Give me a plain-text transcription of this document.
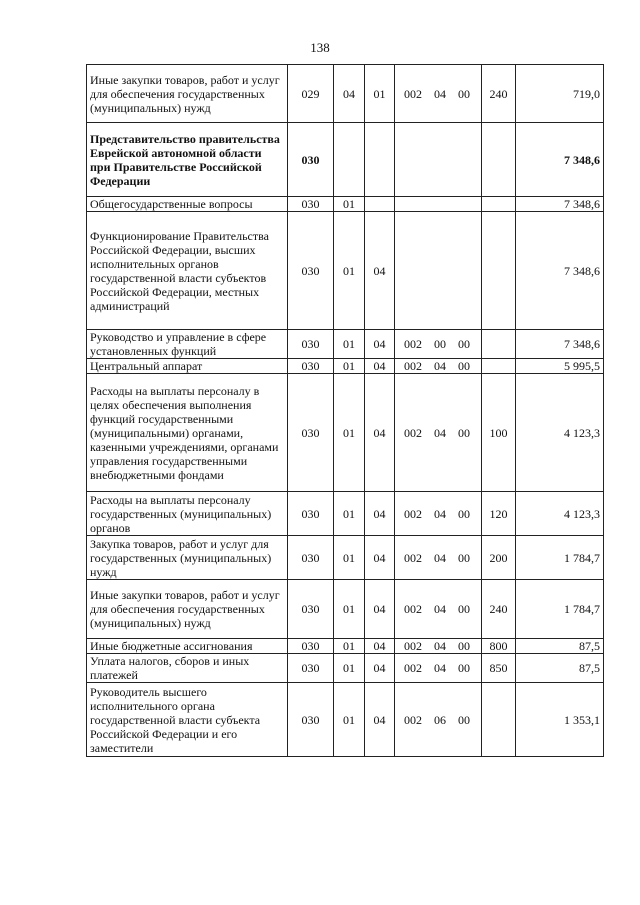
138
Иные закупки товаров, работ и услуг для обеспечения государственных (муниципальных) нужд	029	04	01	002 04 00	240	719,0
Представительство правительства Еврейской автономной области при Правительстве Российской Федерации	030					7 348,6
Общегосударственные вопросы	030	01				7 348,6
Функционирование Правительства Российской Федерации, высших исполнительных органов государственной власти субъектов Российской Федерации, местных администраций	030	01	04			7 348,6
Руководство и управление в сфере установленных функций	030	01	04	002 00 00		7 348,6
Центральный аппарат	030	01	04	002 04 00		5 995,5
Расходы на выплаты персоналу в целях обеспечения выполнения функций государственными (муниципальными) органами, казенными учреждениями, органами управления государственными внебюджетными фондами	030	01	04	002 04 00	100	4 123,3
Расходы на выплаты персоналу государственных (муниципальных) органов	030	01	04	002 04 00	120	4 123,3
Закупка товаров, работ и услуг для государственных (муниципальных) нужд	030	01	04	002 04 00	200	1 784,7
Иные закупки товаров, работ и услуг для обеспечения государственных (муниципальных) нужд	030	01	04	002 04 00	240	1 784,7
Иные бюджетные ассигнования	030	01	04	002 04 00	800	87,5
Уплата налогов, сборов и иных платежей	030	01	04	002 04 00	850	87,5
Руководитель высшего исполнительного органа государственной власти субъекта Российской Федерации и его заместители	030	01	04	002 06 00		1 353,1
